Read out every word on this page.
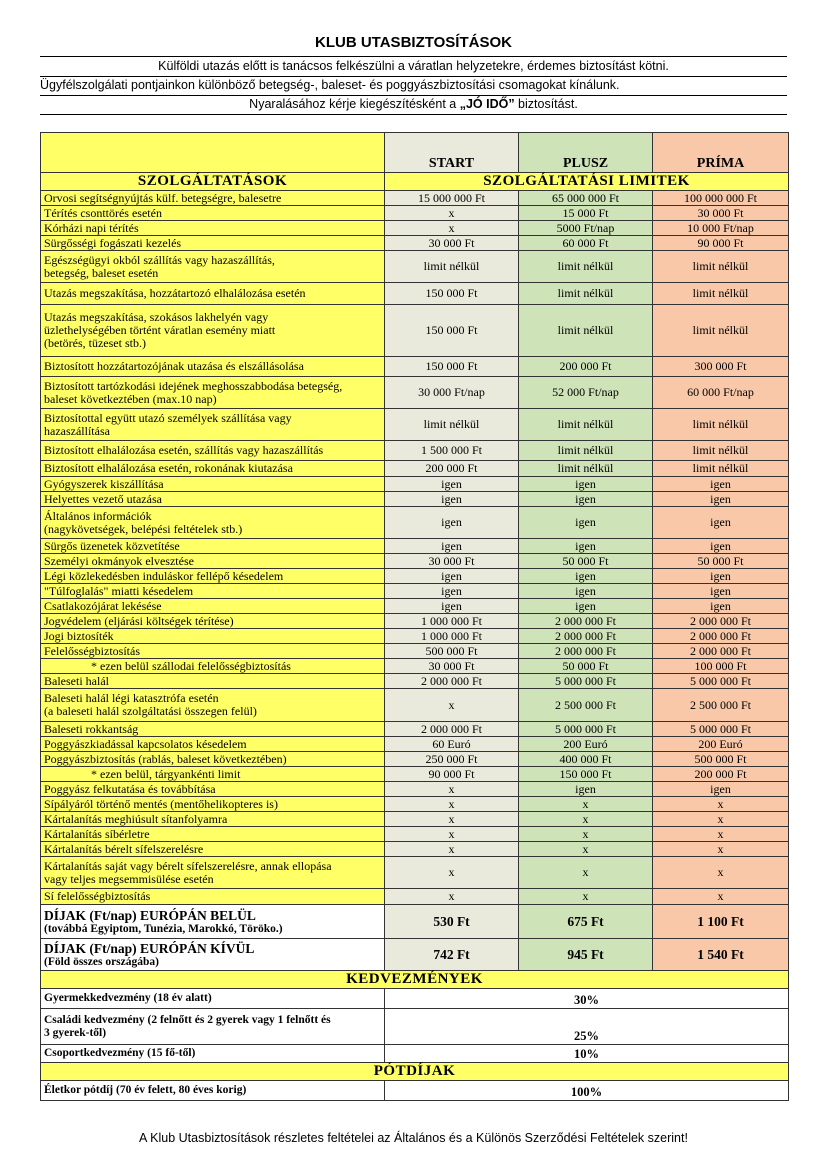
KLUB UTASBIZTOSÍTÁSOK
Külföldi utazás előtt is tanácsos felkészülni a váratlan helyzetekre, érdemes biztosítást kötni.
Ügyfélszolgálati pontjainkon különböző betegség-, baleset- és poggyászbiztosítási csomagokat kínálunk.
Nyaralásához kérje kiegészítésként a „JÓ IDŐ” biztosítást.
	START	PLUSZ	PRÍMA
SZOLGÁLTATÁSOK	SZOLGÁLTATÁSI LIMITEK		
Orvosi segítségnyújtás külf. betegségre, balesetre	15 000 000 Ft	65 000 000 Ft	100 000 000 Ft
Térítés csonttörés esetén	x	15 000 Ft	30 000 Ft
Kórházi napi térítés	x	5000 Ft/nap	10 000 Ft/nap
Sürgősségi fogászati kezelés	30 000 Ft	60 000 Ft	90 000 Ft
Egészségügyi okból szállítás vagy hazaszállítás,
betegség, baleset esetén	limit nélkül	limit nélkül	limit nélkül
Utazás megszakítása, hozzátartozó elhalálozása esetén	150 000 Ft	limit nélkül	limit nélkül
Utazás megszakítása, szokásos lakhelyén vagy
üzlethelységében történt váratlan esemény miatt
(betörés, tüzeset stb.)	150 000 Ft	limit nélkül	limit nélkül
Biztosított hozzátartozójának utazása és elszállásolása	150 000 Ft	200 000 Ft	300 000 Ft
Biztosított tartózkodási idejének meghosszabbodása betegség,
baleset következtében (max.10 nap)	30 000 Ft/nap	52 000 Ft/nap	60 000 Ft/nap
Biztosítottal együtt utazó személyek szállítása vagy
hazaszállítása	limit nélkül	limit nélkül	limit nélkül
Biztosított elhalálozása esetén, szállítás vagy hazaszállítás	1 500 000 Ft	limit nélkül	limit nélkül
Biztosított elhalálozása esetén, rokonának kiutazása	200 000 Ft	limit nélkül	limit nélkül
Gyógyszerek kiszállítása	igen	igen	igen
Helyettes vezető utazása	igen	igen	igen
Általános információk
(nagykövetségek, belépési feltételek stb.)	igen	igen	igen
Sürgős üzenetek közvetítése	igen	igen	igen
Személyi okmányok elvesztése	30 000 Ft	50 000 Ft	50 000 Ft
Légi közlekedésben induláskor fellépő késedelem	igen	igen	igen
"Túlfoglalás" miatti késedelem	igen	igen	igen
Csatlakozójárat lekésése	igen	igen	igen
Jogvédelem (eljárási költségek térítése)	1 000 000 Ft	2 000 000 Ft	2 000 000 Ft
Jogi biztosíték	1 000 000 Ft	2 000 000 Ft	2 000 000 Ft
Felelősségbiztosítás	500 000 Ft	2 000 000 Ft	2 000 000 Ft
* ezen belül szállodai felelősségbiztosítás	30 000 Ft	50 000 Ft	100 000 Ft
Baleseti halál	2 000 000 Ft	5 000 000 Ft	5 000 000 Ft
Baleseti halál légi katasztrófa esetén
(a baleseti halál szolgáltatási összegen felül)	x	2 500 000 Ft	2 500 000 Ft
Baleseti rokkantság	2 000 000 Ft	5 000 000 Ft	5 000 000 Ft
Poggyászkiadással kapcsolatos késedelem	60 Euró	200 Euró	200 Euró
Poggyászbiztosítás (rablás, baleset következtében)	250 000 Ft	400 000 Ft	500 000 Ft
* ezen belül, tárgyankénti limit	90 000 Ft	150 000 Ft	200 000 Ft
Poggyász felkutatása és továbbítása	x	igen	igen
Sípályáról történő mentés (mentőhelikopteres is)	x	x	x
Kártalanítás meghiúsult sítanfolyamra	x	x	x
Kártalanítás síbérletre	x	x	x
Kártalanítás bérelt sífelszerelésre	x	x	x
Kártalanítás saját vagy bérelt sífelszerelésre, annak ellopása
vagy teljes megsemmisülése esetén	x	x	x
Sí felelősségbiztosítás	x	x	x

DÍJAK (Ft/nap) EURÓPÁN BELÜL
(továbbá Egyiptom, Tunézia, Marokkó, Töröko.)	530 Ft	675 Ft	1 100 Ft

DÍJAK (Ft/nap) EURÓPÁN KÍVÜL
(Föld összes országába)	742 Ft	945 Ft	1 540 Ft
KEDVEZMÉNYEK			
Gyermekkedvezmény (18 év alatt)	30%		
Családi kedvezmény (2 felnőtt és 2 gyerek vagy 1 felnőtt és
3 gyerek-től)	25%		
Csoportkedvezmény (15 fő-től)	10%		
PÓTDÍJAK			
Életkor pótdíj (70 év felett, 80 éves korig)	100%		
A Klub Utasbiztosítások részletes feltételei az Általános és a Különös Szerződési Feltételek szerint!
